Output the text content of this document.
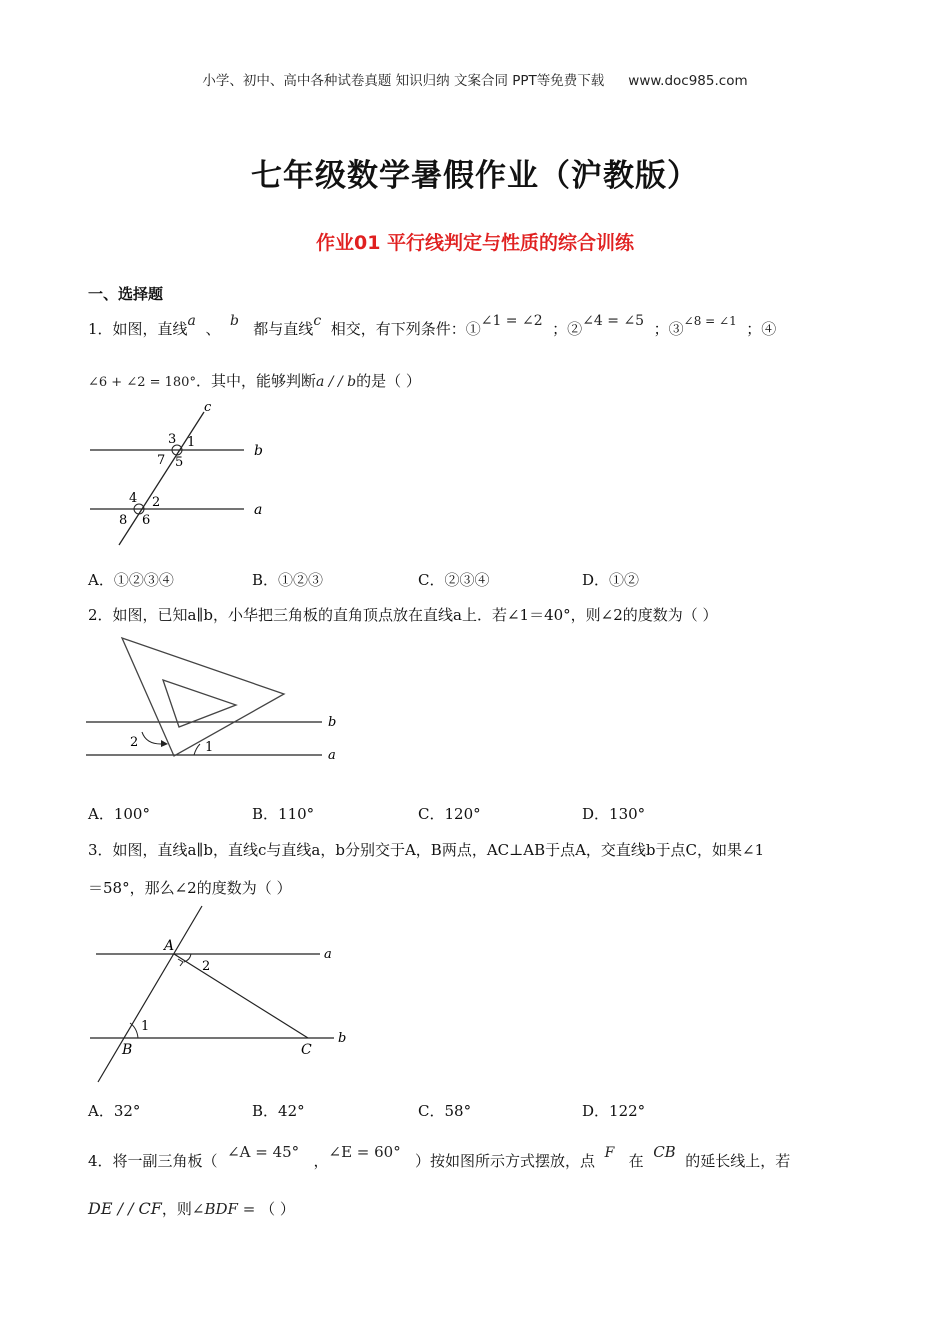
小学、初中、高中各种试卷真题 知识归纳 文案合同 PPT等免费下载 www.doc985.com
七年级数学暑假作业（沪教版）
作业01 平行线判定与性质的综合训练
一、选择题
1．如图，直线a 、 b 都与直线c 相交，有下列条件：①∠1 = ∠2 ；②∠4 = ∠5 ；③$^{\angle 8 = \angle 1}$ ；④
∠6 + ∠2 = 180°．其中，能够判断a / / b的是（ ）
c
b
a
3 1
7 5
4 2
8 6
A．①②③④	B．①②③	C．②③④	D．①②
2．如图，已知a∥b，小华把三角板的直角顶点放在直线a上．若∠1＝40°，则∠2的度数为（ ）
b
a
2	1
A．100°	B．110°	C．120°	D．130°
3．如图，直线a∥b，直线c与直线a，b分别交于A，B两点，AC⊥AB于点A，交直线b于点C，如果∠1
＝58°，那么∠2的度数为（ ）
A
B	C
a
b
2
1
A．32°	B．42°	C．58°	D．122°
4．将一副三角板（ ∠A = 45° ，∠E = 60° ）按如图所示方式摆放，点 F 在 CB 的延长线上，若
DE / / CF，则∠BDF = （ ）
